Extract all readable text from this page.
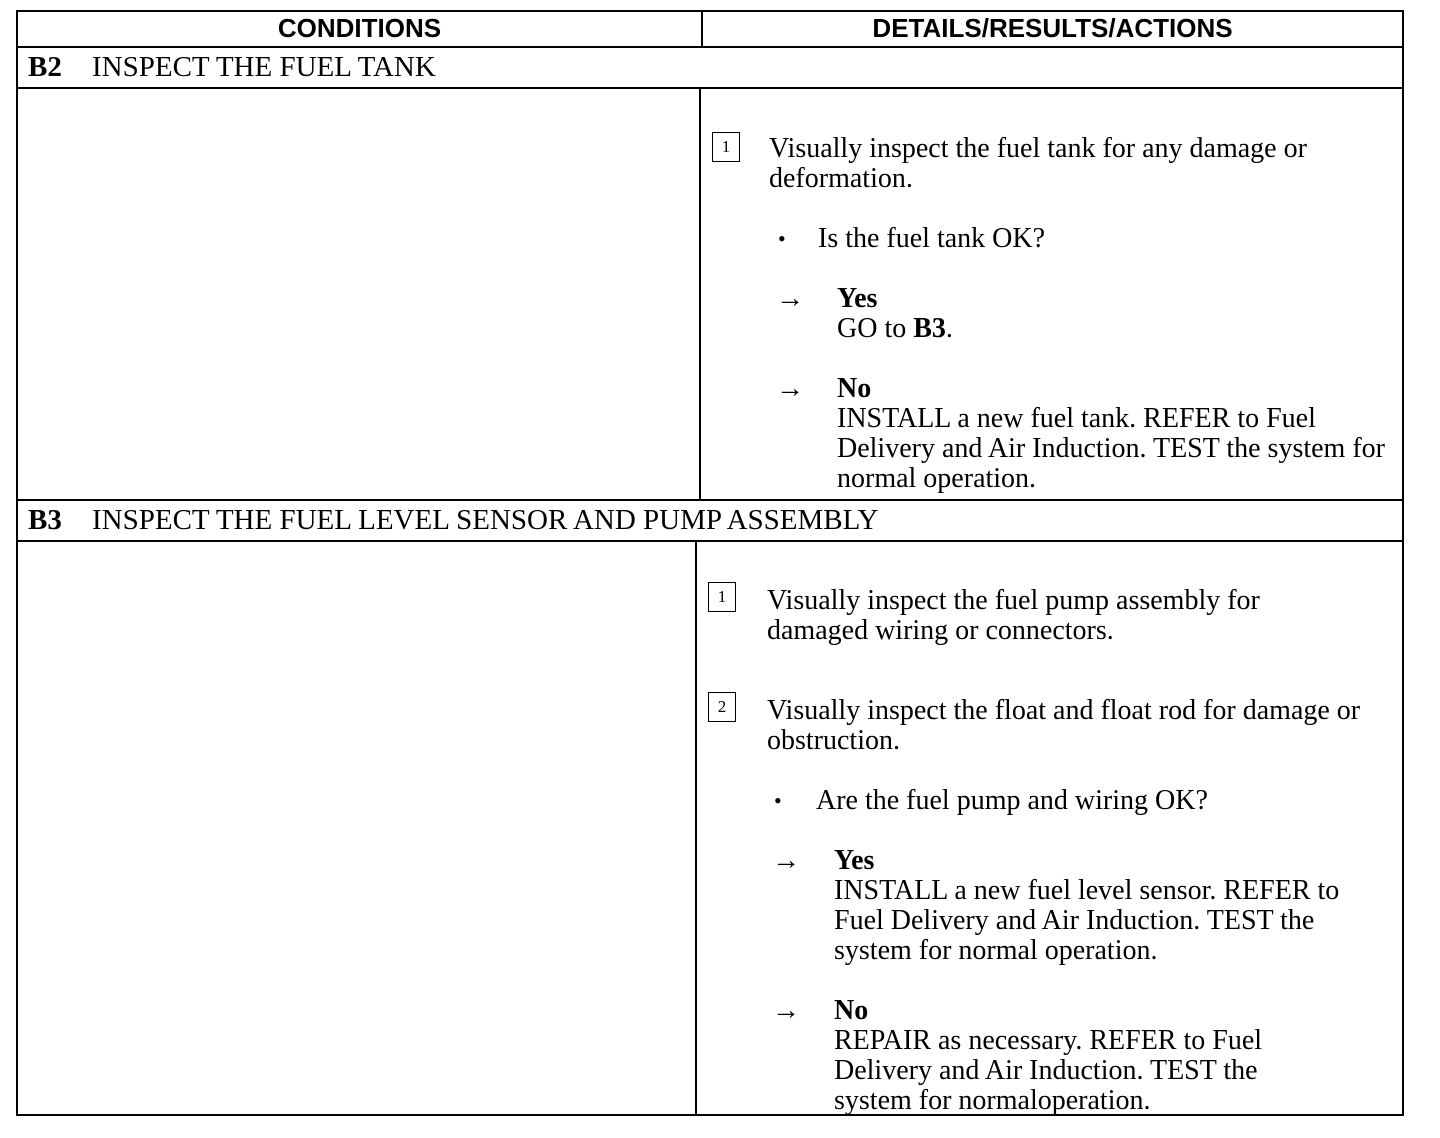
CONDITIONS	DETAILS/RESULTS/ACTIONS
B2 INSPECT THE FUEL TANK
1	Visually inspect the fuel tank for any damage or deformation.
• Is the fuel tank OK?
→ Yes
GO to B3.
→ No
INSTALL a new fuel tank. REFER to Fuel Delivery and Air Induction. TEST the system for normal operation.
B3 INSPECT THE FUEL LEVEL SENSOR AND PUMP ASSEMBLY
1	Visually inspect the fuel pump assembly for damaged wiring or connectors.
2	Visually inspect the float and float rod for damage or obstruction.
• Are the fuel pump and wiring OK?
→ Yes
INSTALL a new fuel level sensor. REFER to Fuel Delivery and Air Induction. TEST the system for normal operation.
→ No
REPAIR as necessary. REFER to Fuel Delivery and Air Induction. TEST the system for normaloperation.
